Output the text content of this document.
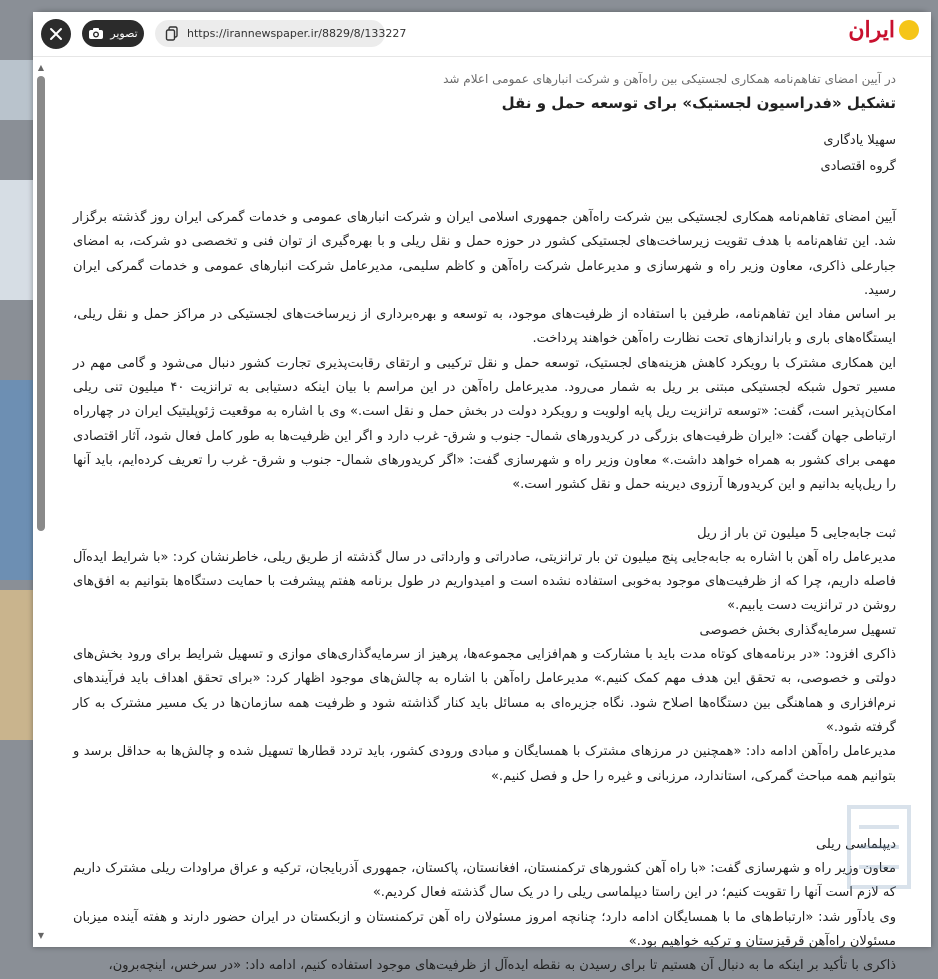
تصویر	https://irannewspaper.ir/8829/8/133227	ایران
▲
▼

در آیین امضای تفاهم‌نامه همکاری لجستیکی بین راه‌آهن و شرکت انبارهای عمومی اعلام شد

تشکیل «فدراسیون لجستیک» برای توسعه حمل و نقل

سهیلا یادگاری

گروه اقتصادی

آیین امضای تفاهم‌نامه همکاری لجستیکی بین شرکت راه‌آهن جمهوری اسلامی ایران و شرکت انبارهای عمومی و خدمات گمرکی ایران روز گذشته برگزار شد. این تفاهم‌نامه با هدف تقویت زیرساخت‌های لجستیکی کشور در حوزه حمل و نقل ریلی و با بهره‌گیری از توان فنی و تخصصی دو شرکت، به امضای جبارعلی ذاکری، معاون وزیر راه و شهرسازی و مدیرعامل شرکت راه‌آهن و کاظم سلیمی، مدیرعامل شرکت انبارهای عمومی و خدمات گمرکی ایران رسید.

بر اساس مفاد این تفاهم‌نامه، طرفین با استفاده از ظرفیت‌های موجود، به توسعه و بهره‌برداری از زیرساخت‌های لجستیکی در مراکز حمل و نقل ریلی، ایستگاه‌های باری و باراندازهای تحت نظارت راه‌آهن خواهند پرداخت.

این همکاری مشترک با رویکرد کاهش هزینه‌های لجستیک، توسعه حمل و نقل ترکیبی و ارتقای رقابت‌پذیری تجارت کشور دنبال می‌شود و گامی مهم در مسیر تحول شبکه لجستیکی مبتنی بر ریل به شمار می‌رود. مدیرعامل راه‌آهن در این مراسم با بیان اینکه دستیابی به ترانزیت ۴۰ میلیون تنی ریلی امکان‌پذیر است، گفت: «توسعه ترانزیت ریل پایه اولویت و رویکرد دولت در بخش حمل و نقل است.» وی با اشاره به موقعیت ژئوپلیتیک ایران در چهارراه ارتباطی جهان گفت: «ایران ظرفیت‌های بزرگی در کریدورهای شمال- جنوب و شرق- غرب دارد و اگر این ظرفیت‌ها به طور کامل فعال شود، آثار اقتصادی مهمی برای کشور به همراه خواهد داشت.» معاون وزیر راه و شهرسازی گفت: «اگر کریدورهای شمال- جنوب و شرق- غرب را تعریف کرده‌ایم، باید آنها را ریل‌پایه بدانیم و این کریدورها آرزوی دیرینه حمل و نقل کشور است.»

ثبت جابه‌جایی 5 میلیون تن بار از ریل

مدیرعامل راه آهن با اشاره به جابه‌جایی پنج میلیون تن بار ترانزیتی، صادراتی و وارداتی در سال گذشته از طریق ریلی، خاطرنشان کرد: «با شرایط ایده‌آل فاصله داریم، چرا که از ظرفیت‌های موجود به‌خوبی استفاده نشده است و امیدواریم در طول برنامه هفتم پیشرفت با حمایت دستگاه‌ها بتوانیم به افق‌های روشن در ترانزیت دست یابیم.»

تسهیل سرمایه‌گذاری بخش خصوصی

ذاکری افزود: «در برنامه‌های کوتاه مدت باید با مشارکت و هم‌افزایی مجموعه‌ها، پرهیز از سرمایه‌گذاری‌های موازی و تسهیل شرایط برای ورود بخش‌های دولتی و خصوصی، به تحقق این هدف مهم کمک کنیم.» مدیرعامل راه‌آهن با اشاره به چالش‌های موجود اظهار کرد: «برای تحقق اهداف باید فرآیندهای نرم‌افزاری و هماهنگی بین دستگاه‌ها اصلاح شود. نگاه جزیره‌ای به مسائل باید کنار گذاشته شود و ظرفیت همه سازمان‌ها در یک مسیر مشترک به کار گرفته شود.»

مدیرعامل راه‌آهن ادامه داد: «همچنین در مرزهای مشترک با همسایگان و مبادی ورودی کشور، باید تردد قطارها تسهیل شده و چالش‌ها به حداقل برسد و بتوانیم همه مباحث گمرکی، استاندارد، مرزبانی و غیره را حل و فصل کنیم.»

دیپلماسی ریلی

معاون وزیر راه و شهرسازی گفت: «با راه آهن کشورهای ترکمنستان، افغانستان، پاکستان، جمهوری آذربایجان، ترکیه و عراق مراودات ریلی مشترک داریم که لازم است آنها را تقویت کنیم؛ در این راستا دیپلماسی ریلی را در یک سال گذشته فعال کردیم.»

وی یادآور شد: «ارتباط‌های ما با همسایگان ادامه دارد؛ چنانچه امروز مسئولان راه آهن ترکمنستان و ازبکستان در ایران حضور دارند و هفته آینده میزبان مسئولان راه‌آهن قرقیزستان و ترکیه خواهیم بود.»

ذاکری با تأکید بر اینکه ما به دنبال آن هستیم تا برای رسیدن به نقطه ایده‌آل از ظرفیت‌های موجود استفاده کنیم، ادامه داد: «در سرخس، اینچه‌برون،
